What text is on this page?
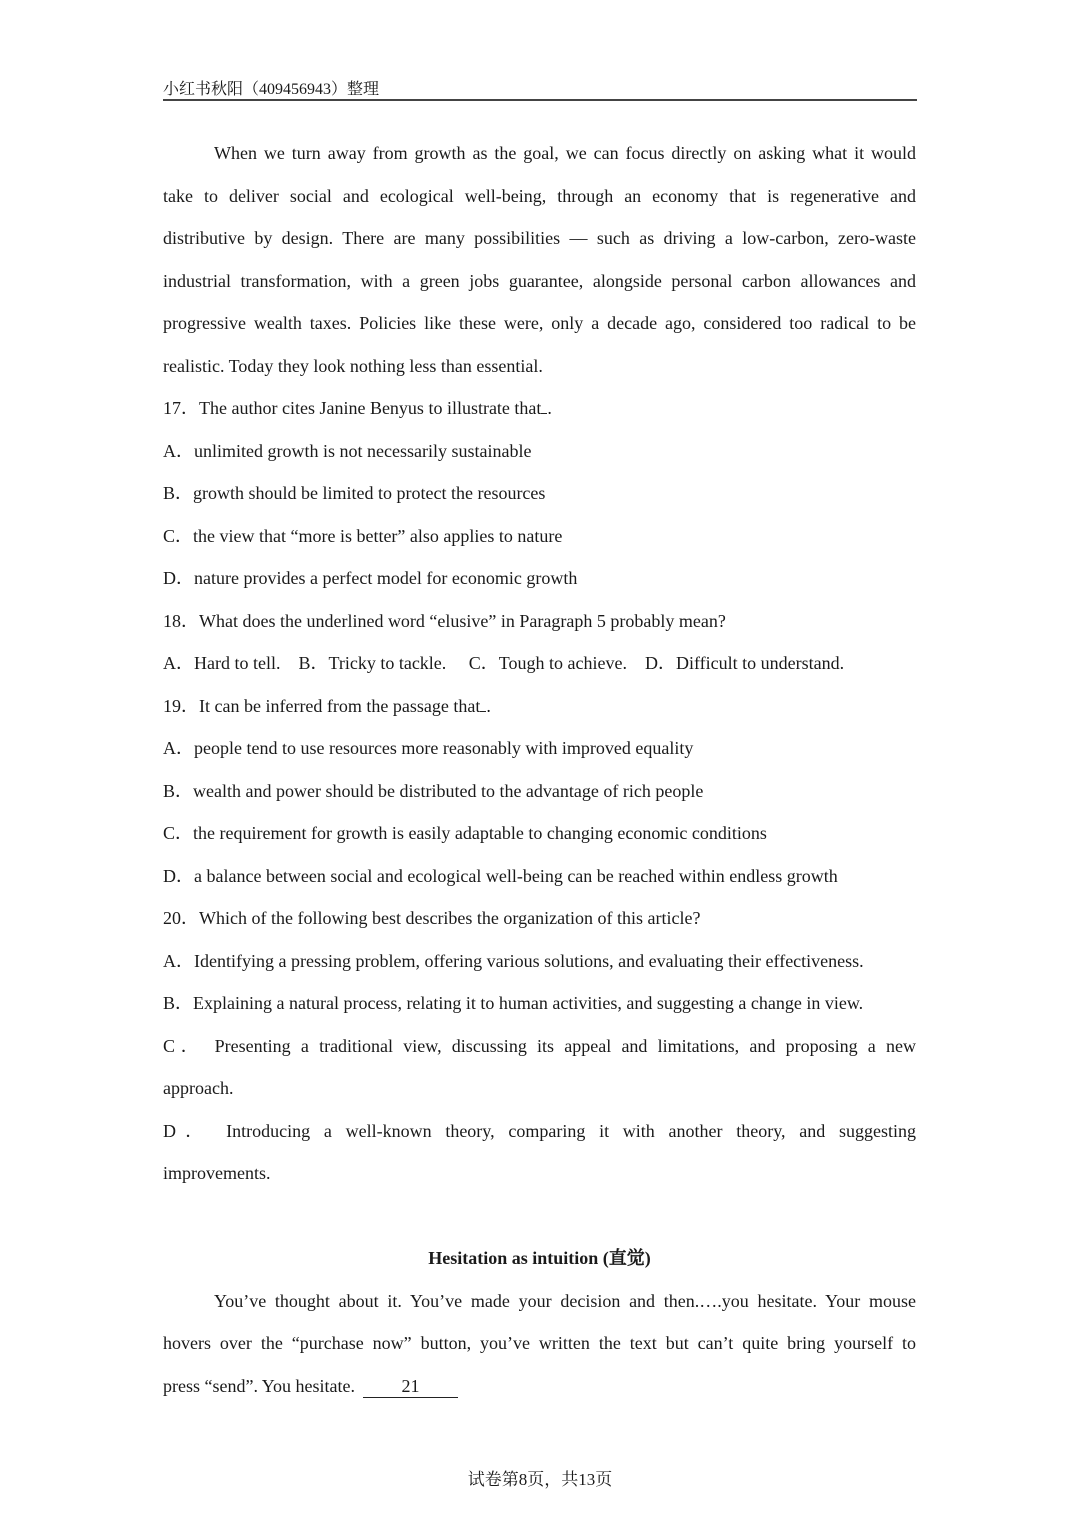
小红书秋阳（409456943）整理
When we turn away from growth as the goal, we can focus directly on asking what it would
take to deliver social and ecological well-being, through an economy that is regenerative and
distributive by design. There are many possibilities — such as driving a low-carbon, zero-waste
industrial transformation, with a green jobs guarantee, alongside personal carbon allowances and
progressive wealth taxes. Policies like these were, only a decade ago, considered too radical to be
realistic. Today they look nothing less than essential.
17．The author cites Janine Benyus to illustrate that .
A．unlimited growth is not necessarily sustainable
B．growth should be limited to protect the resources
C．the view that “more is better” also applies to nature
D．nature provides a perfect model for economic growth
18．What does the underlined word “elusive” in Paragraph 5 probably mean?
A．Hard to tell.    B．Tricky to tackle.     C．Tough to achieve.    D．Difficult to understand.
19．It can be inferred from the passage that .
A．people tend to use resources more reasonably with improved equality
B．wealth and power should be distributed to the advantage of rich people
C．the requirement for growth is easily adaptable to changing economic conditions
D．a balance between social and ecological well-being can be reached within endless growth
20．Which of the following best describes the organization of this article?
A．Identifying a pressing problem, offering various solutions, and evaluating their effectiveness.
B．Explaining a natural process, relating it to human activities, and suggesting a change in view.
C． Presenting a traditional view, discussing its appeal and limitations, and proposing a new
approach.
D． Introducing a well-known theory, comparing it with another theory, and suggesting
improvements.
Hesitation as intuition (直觉)
You’ve thought about it. You’ve made your decision and then.….you hesitate. Your mouse
hovers over the “purchase now” button, you’ve written the text but can’t quite bring yourself to
press “send”. You hesitate.	21
试卷第8页，共13页
